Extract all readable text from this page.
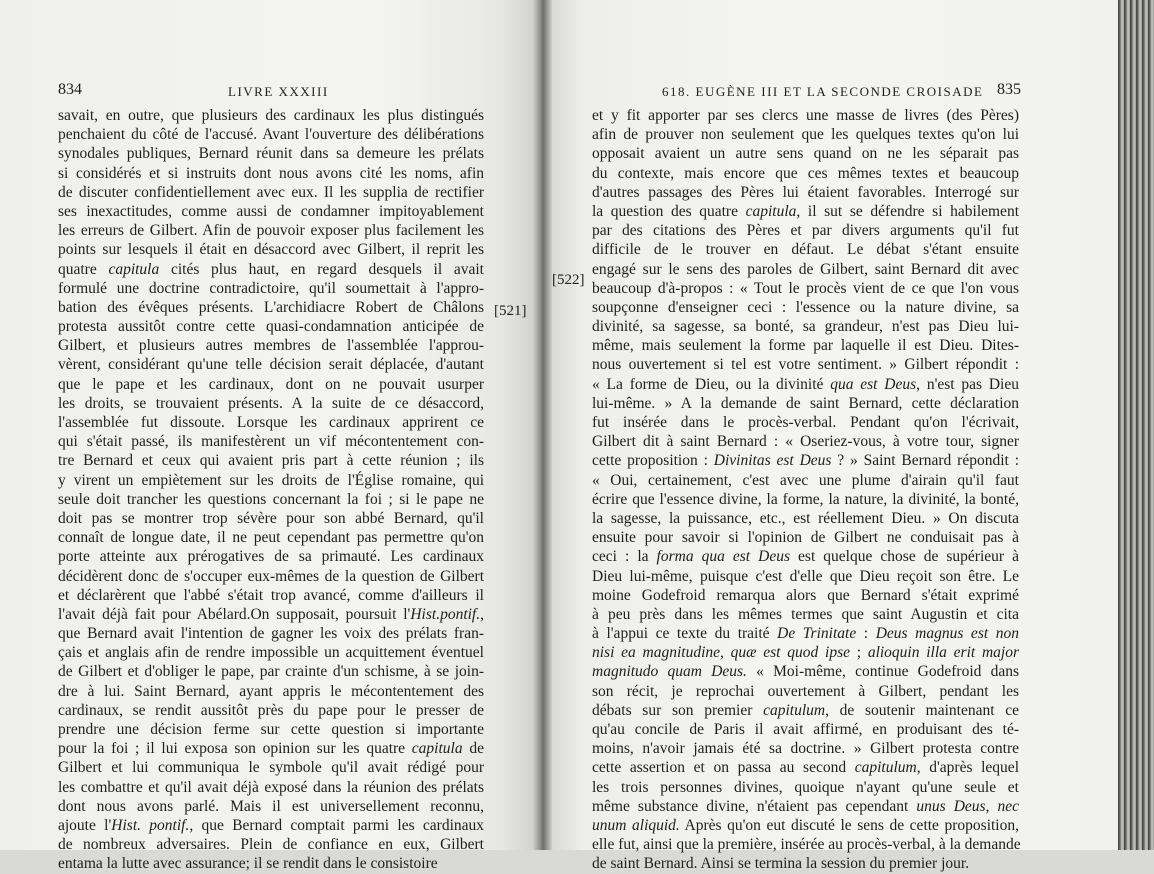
834	LIVRE XXXIII	618. EUGÈNE III ET LA SECONDE CROISADE 835
savait, en outre, que plusieurs des cardinaux les plus distingués
penchaient du côté de l'accusé. Avant l'ouverture des délibérations
synodales publiques, Bernard réunit dans sa demeure les prélats
si considérés et si instruits dont nous avons cité les noms, afin
de discuter confidentiellement avec eux. Il les supplia de rectifier
ses inexactitudes, comme aussi de condamner impitoyablement
les erreurs de Gilbert. Afin de pouvoir exposer plus facilement les
points sur lesquels il était en désaccord avec Gilbert, il reprit les
quatre capitula cités plus haut, en regard desquels il avait
formulé une doctrine contradictoire, qu'il soumettait à l'appro-
bation des évêques présents. L'archidiacre Robert de Châlons
protesta aussitôt contre cette quasi-condamnation anticipée de
Gilbert, et plusieurs autres membres de l'assemblée l'approu-
vèrent, considérant qu'une telle décision serait déplacée, d'autant
que le pape et les cardinaux, dont on ne pouvait usurper
les droits, se trouvaient présents. A la suite de ce désaccord,
l'assemblée fut dissoute. Lorsque les cardinaux apprirent ce
qui s'était passé, ils manifestèrent un vif mécontentement con-
tre Bernard et ceux qui avaient pris part à cette réunion ; ils
y virent un empiètement sur les droits de l'Église romaine, qui
seule doit trancher les questions concernant la foi ; si le pape ne
doit pas se montrer trop sévère pour son abbé Bernard, qu'il
connaît de longue date, il ne peut cependant pas permettre qu'on
porte atteinte aux prérogatives de sa primauté. Les cardinaux
décidèrent donc de s'occuper eux-mêmes de la question de Gilbert
et déclarèrent que l'abbé s'était trop avancé, comme d'ailleurs il
l'avait déjà fait pour Abélard.On supposait, poursuit l'Hist.pontif.,
que Bernard avait l'intention de gagner les voix des prélats fran-
çais et anglais afin de rendre impossible un acquittement éventuel
de Gilbert et d'obliger le pape, par crainte d'un schisme, à se join-
dre à lui. Saint Bernard, ayant appris le mécontentement des
cardinaux, se rendit aussitôt près du pape pour le presser de
prendre une décision ferme sur cette question si importante
pour la foi ; il lui exposa son opinion sur les quatre capitula de
Gilbert et lui communiqua le symbole qu'il avait rédigé pour
les combattre et qu'il avait déjà exposé dans la réunion des prélats
dont nous avons parlé. Mais il est universellement reconnu,
ajoute l'Hist. pontif., que Bernard comptait parmi les cardinaux
de nombreux adversaires. Plein de confiance en eux, Gilbert
entama la lutte avec assurance; il se rendit dans le consistoire
et y fit apporter par ses clercs une masse de livres (des Pères)
afin de prouver non seulement que les quelques textes qu'on lui
opposait avaient un autre sens quand on ne les séparait pas
du contexte, mais encore que ces mêmes textes et beaucoup
d'autres passages des Pères lui étaient favorables. Interrogé sur
la question des quatre capitula, il sut se défendre si habilement
par des citations des Pères et par divers arguments qu'il fut
difficile de le trouver en défaut. Le débat s'étant ensuite
engagé sur le sens des paroles de Gilbert, saint Bernard dit avec
beaucoup d'à-propos : « Tout le procès vient de ce que l'on vous
soupçonne d'enseigner ceci : l'essence ou la nature divine, sa
divinité, sa sagesse, sa bonté, sa grandeur, n'est pas Dieu lui-
même, mais seulement la forme par laquelle il est Dieu. Dites-
nous ouvertement si tel est votre sentiment. » Gilbert répondit :
« La forme de Dieu, ou la divinité qua est Deus, n'est pas Dieu
lui-même. » A la demande de saint Bernard, cette déclaration
fut insérée dans le procès-verbal. Pendant qu'on l'écrivait,
Gilbert dit à saint Bernard : « Oseriez-vous, à votre tour, signer
cette proposition : Divinitas est Deus ? » Saint Bernard répondit :
« Oui, certainement, c'est avec une plume d'airain qu'il faut
écrire que l'essence divine, la forme, la nature, la divinité, la bonté,
la sagesse, la puissance, etc., est réellement Dieu. » On discuta
ensuite pour savoir si l'opinion de Gilbert ne conduisait pas à
ceci : la forma qua est Deus est quelque chose de supérieur à
Dieu lui-même, puisque c'est d'elle que Dieu reçoit son être. Le
moine Godefroid remarqua alors que Bernard s'était exprimé
à peu près dans les mêmes termes que saint Augustin et cita
à l'appui ce texte du traité De Trinitate : Deus magnus est non
nisi ea magnitudine, quæ est quod ipse ; alioquin illa erit major
magnitudo quam Deus. « Moi-même, continue Godefroid dans
son récit, je reprochai ouvertement à Gilbert, pendant les
débats sur son premier capitulum, de soutenir maintenant ce
qu'au concile de Paris il avait affirmé, en produisant des té-
moins, n'avoir jamais été sa doctrine. » Gilbert protesta contre
cette assertion et on passa au second capitulum, d'après lequel
les trois personnes divines, quoique n'ayant qu'une seule et
même substance divine, n'étaient pas cependant unus Deus, nec
unum aliquid. Après qu'on eut discuté le sens de cette proposition,
elle fut, ainsi que la première, insérée au procès-verbal, à la demande
de saint Bernard. Ainsi se termina la session du premier jour.
[521]
[522]
